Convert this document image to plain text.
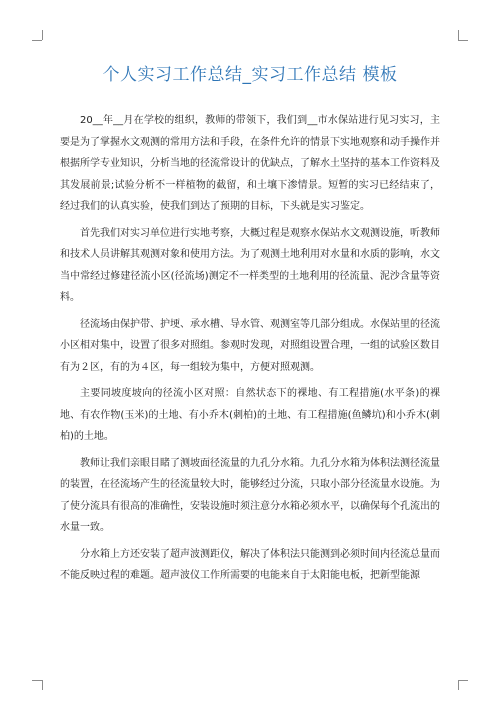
个人实习工作总结_实习工作总结 模板

20__年__月在学校的组织，教师的带领下，我们到__市水保站进行见习实习，主要是为了掌握水文观测的常用方法和手段，在条件允许的情景下实地观察和动手操作并根据所学专业知识，分析当地的径流常设计的优缺点，了解水土坚持的基本工作资料及其发展前景;试验分析不一样植物的截留，和土壤下渗情景。短暂的实习已经结束了，经过我们的认真实验，使我们到达了预期的目标，下头就是实习鉴定。

首先我们对实习单位进行实地考察，大概过程是观察水保站水文观测设施，听教师和技术人员讲解其观测对象和使用方法。为了观测土地利用对水量和水质的影响，水文当中常经过修建径流小区(径流场)测定不一样类型的土地利用的径流量、泥沙含量等资料。

径流场由保护带、护埂、承水槽、导水管、观测室等几部分组成。水保站里的径流小区相对集中，设置了很多对照组。参观时发现，对照组设置合理，一组的试验区数目有为２区，有的为４区，每一组较为集中，方便对照观测。

主要同坡度坡向的径流小区对照：自然状态下的裸地、有工程措施(水平条)的裸地、有农作物(玉米)的土地、有小乔木(刺柏)的土地、有工程措施(鱼鳞坑)和小乔木(刺柏)的土地。

教师让我们亲眼目睹了测坡面径流量的九孔分水箱。九孔分水箱为体积法测径流量的装置，在径流场产生的径流量较大时，能够经过分流，只取小部分径流量水设施。为了使分流具有很高的准确性，安装设施时须注意分水箱必须水平，以确保每个孔流出的水量一致。

分水箱上方还安装了超声波测距仪，解决了体积法只能测到必须时间内径流总量而不能反映过程的难题。超声波仪工作所需要的电能来自于太阳能电板，把新型能源
